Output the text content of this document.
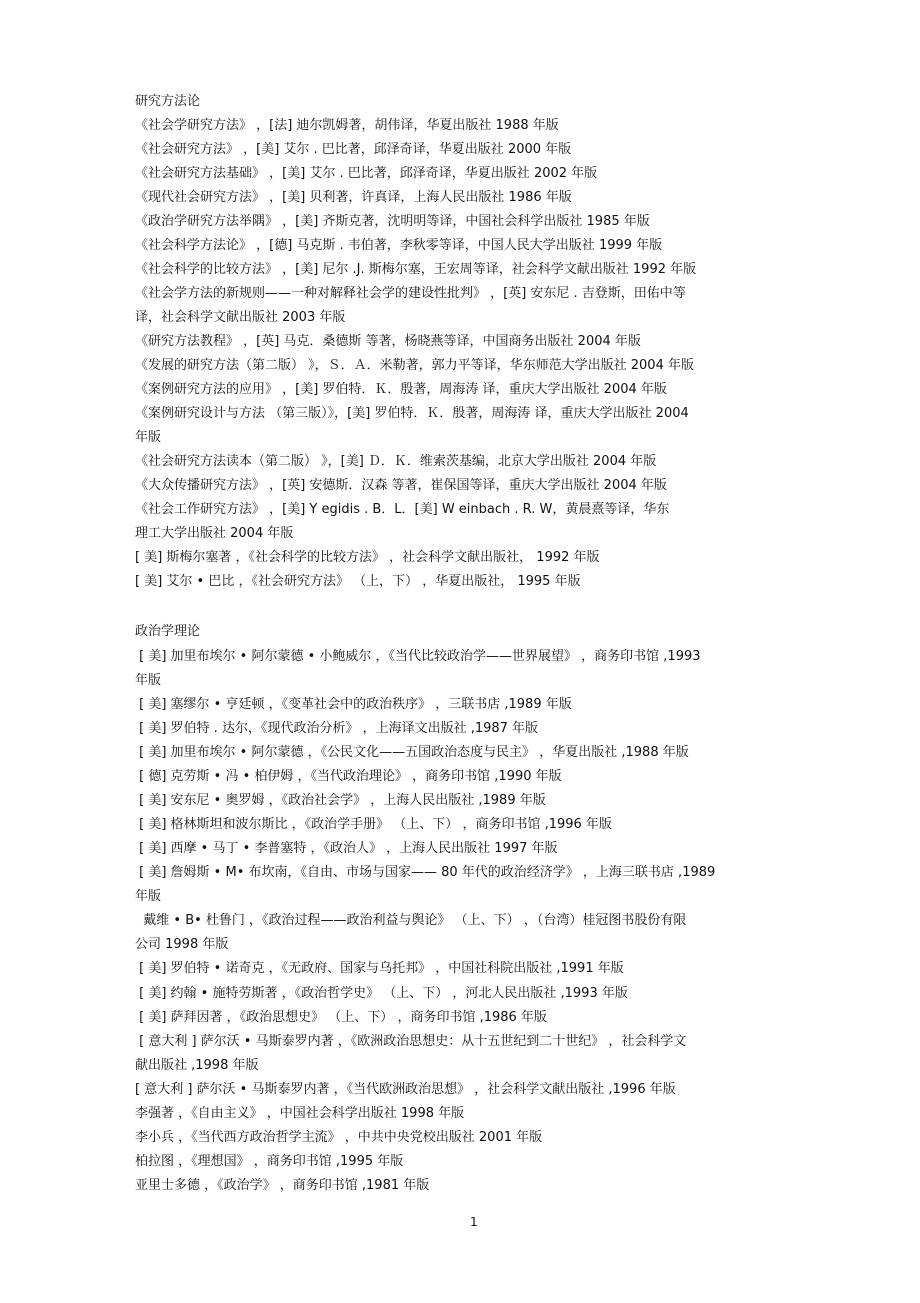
研究方法论
《社会学研究方法》 ，[法] 迪尔凯姆著，胡伟译，华夏出版社 1988 年版
《社会研究方法》 ，[美] 艾尔 . 巴比著，邱泽奇译，华夏出版社 2000 年版
《社会研究方法基础》 ，[美] 艾尔 . 巴比著，邱泽奇译，华夏出版社 2002 年版
《现代社会研究方法》 ，[美] 贝利著，许真译，上海人民出版社 1986 年版
《政治学研究方法举隅》 ，[美] 齐斯克著，沈明明等译，中国社会科学出版社 1985 年版
《社会科学方法论》 ，[德] 马克斯 . 韦伯著，李秋零等译，中国人民大学出版社 1999 年版
《社会科学的比较方法》 ，[美] 尼尔 .J. 斯梅尔塞，王宏周等译，社会科学文献出版社 1992 年版
《社会学方法的新规则——一种对解释社会学的建设性批判》 ，[英] 安东尼 . 吉登斯，田佑中等
译，社会科学文献出版社 2003 年版
《研究方法教程》 ，[英] 马克．桑德斯 等著，杨晓燕等译，中国商务出版社 2004 年版
《发展的研究方法（第二版） 》，Ｓ．Ａ．米勒著，郭力平等译，华东师范大学出版社 2004 年版
《案例研究方法的应用》 ，[美] 罗伯特．Ｋ．殷著，周海涛 译，重庆大学出版社 2004 年版
《案例研究设计与方法 （第三版）》，[美] 罗伯特．Ｋ．殷著，周海涛 译，重庆大学出版社 2004
年版
《社会研究方法读本（第二版） 》，[美] Ｄ．Ｋ．维索茨基编，北京大学出版社 2004 年版
《大众传播研究方法》 ，[英] 安德斯．汉森 等著，崔保国等译，重庆大学出版社 2004 年版
《社会工作研究方法》 ，[美] Y egidis . B．L．[美] W einbach . R. W，黄晨熹等译，华东
理工大学出版社 2004 年版
[ 美] 斯梅尔塞著 ，《社会科学的比较方法》 ，社会科学文献出版社， 1992 年版
[ 美] 艾尔 • 巴比 ，《社会研究方法》 （上，下） ，华夏出版社， 1995 年版
政治学理论
[ 美] 加里布埃尔 • 阿尔蒙德 • 小鲍威尔 ，《当代比较政治学——世界展望》 ，商务印书馆 ,1993
年版
[ 美] 塞缪尔 • 亨廷顿 ，《变革社会中的政治秩序》 ，三联书店 ,1989 年版
[ 美] 罗伯特 . 达尔，《现代政治分析》 ，上海译文出版社 ,1987 年版
[ 美] 加里布埃尔 • 阿尔蒙德 ，《公民文化——五国政治态度与民主》 ，华夏出版社 ,1988 年版
[ 德] 克劳斯 • 冯 • 柏伊姆 ，《当代政治理论》 ，商务印书馆 ,1990 年版
[ 美] 安东尼 • 奥罗姆 ，《政治社会学》 ，上海人民出版社 ,1989 年版
[ 美] 格林斯坦和波尔斯比 ，《政治学手册》 （上、下） ，商务印书馆 ,1996 年版
[ 美] 西摩 • 马丁 • 李普塞特 ，《政治人》 ，上海人民出版社 1997 年版
[ 美] 詹姆斯 • M• 布坎南，《自由、市场与国家—— 80 年代的政治经济学》 ，上海三联书店 ,1989
年版
戴维 • B• 杜鲁门 ，《政治过程——政治利益与舆论》 （上、下） ，（台湾）桂冠图书股份有限
公司 1998 年版
[ 美] 罗伯特 • 诺奇克 ，《无政府、国家与乌托邦》 ，中国社科院出版社 ,1991 年版
[ 美] 约翰 • 施特劳斯著 ，《政治哲学史》 （上、下） ，河北人民出版社 ,1993 年版
[ 美] 萨拜因著 ，《政治思想史》 （上、下） ，商务印书馆 ,1986 年版
[ 意大利 ] 萨尔沃 • 马斯泰罗内著 ，《欧洲政治思想史：从十五世纪到二十世纪》 ，社会科学文
献出版社 ,1998 年版
[ 意大利 ] 萨尔沃 • 马斯泰罗内著 ，《当代欧洲政治思想》 ，社会科学文献出版社 ,1996 年版
李强著 ，《自由主义》 ，中国社会科学出版社 1998 年版
李小兵 ，《当代西方政治哲学主流》 ，中共中央党校出版社 2001 年版
柏拉图 ，《理想国》 ，商务印书馆 ,1995 年版
亚里士多德 ，《政治学》 ，商务印书馆 ,1981 年版
1
